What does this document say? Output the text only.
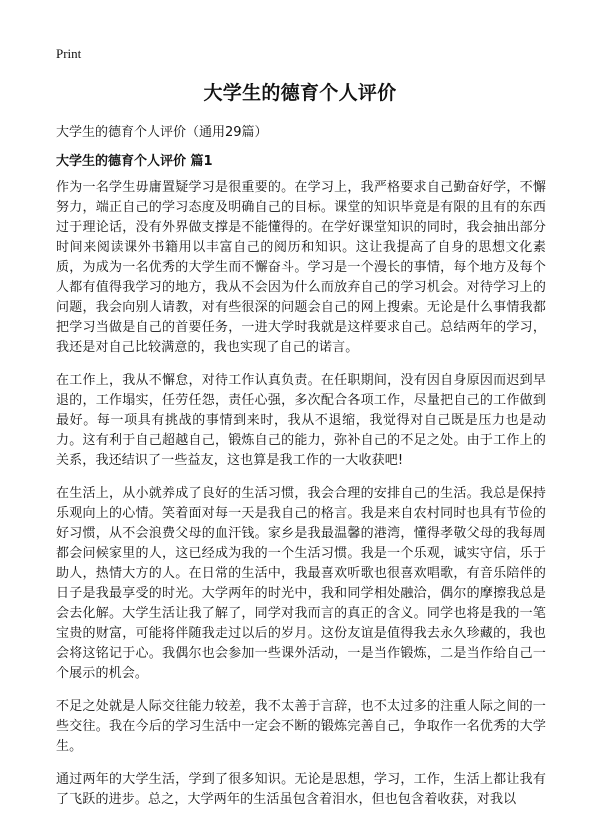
Print
大学生的德育个人评价

大学生的德育个人评价（通用29篇）

大学生的德育个人评价 篇1

作为一名学生毋庸置疑学习是很重要的。在学习上，我严格要求自己勤奋好学，不懈努力，端正自己的学习态度及明确自己的目标。课堂的知识毕竟是有限的且有的东西过于理论话，没有外界做支撑是不能懂得的。在学好课堂知识的同时，我会抽出部分时间来阅读课外书籍用以丰富自己的阅历和知识。这让我提高了自身的思想文化素质，为成为一名优秀的大学生而不懈奋斗。学习是一个漫长的事情，每个地方及每个人都有值得我学习的地方，我从不会因为什么而放弃自己的学习机会。对待学习上的问题，我会向别人请教，对有些很深的问题会自己的网上搜索。无论是什么事情我都把学习当做是自己的首要任务，一进大学时我就是这样要求自己。总结两年的学习，我还是对自己比较满意的，我也实现了自己的诺言。

在工作上，我从不懈怠，对待工作认真负责。在任职期间，没有因自身原因而迟到早退的，工作塌实，任劳任怨，责任心强，多次配合各项工作，尽量把自己的工作做到最好。每一项具有挑战的事情到来时，我从不退缩，我觉得对自己既是压力也是动力。这有利于自己超越自己，锻炼自己的能力，弥补自己的不足之处。由于工作上的关系，我还结识了一些益友，这也算是我工作的一大收获吧!

在生活上，从小就养成了良好的生活习惯，我会合理的安排自己的生活。我总是保持乐观向上的心情。笑着面对每一天是我自己的格言。我是来自农村同时也具有节俭的好习惯，从不会浪费父母的血汗钱。家乡是我最温馨的港湾，懂得孝敬父母的我每周都会问候家里的人，这已经成为我的一个生活习惯。我是一个乐观，诚实守信，乐于助人，热情大方的人。在日常的生活中，我最喜欢听歌也很喜欢唱歌，有音乐陪伴的日子是我最享受的时光。大学两年的时光中，我和同学相处融洽，偶尔的摩擦我总是会去化解。大学生活让我了解了，同学对我而言的真正的含义。同学也将是我的一笔宝贵的财富，可能将伴随我走过以后的岁月。这份友谊是值得我去永久珍藏的，我也会将这铭记于心。我偶尔也会参加一些课外活动，一是当作锻炼，二是当作给自己一个展示的机会。

不足之处就是人际交往能力较差，我不太善于言辞，也不太过多的注重人际之间的一些交往。我在今后的学习生活中一定会不断的锻炼完善自己，争取作一名优秀的大学生。

通过两年的大学生活，学到了很多知识。无论是思想，学习，工作，生活上都让我有了飞跃的进步。总之，大学两年的生活虽包含着泪水，但也包含着收获，对我以
